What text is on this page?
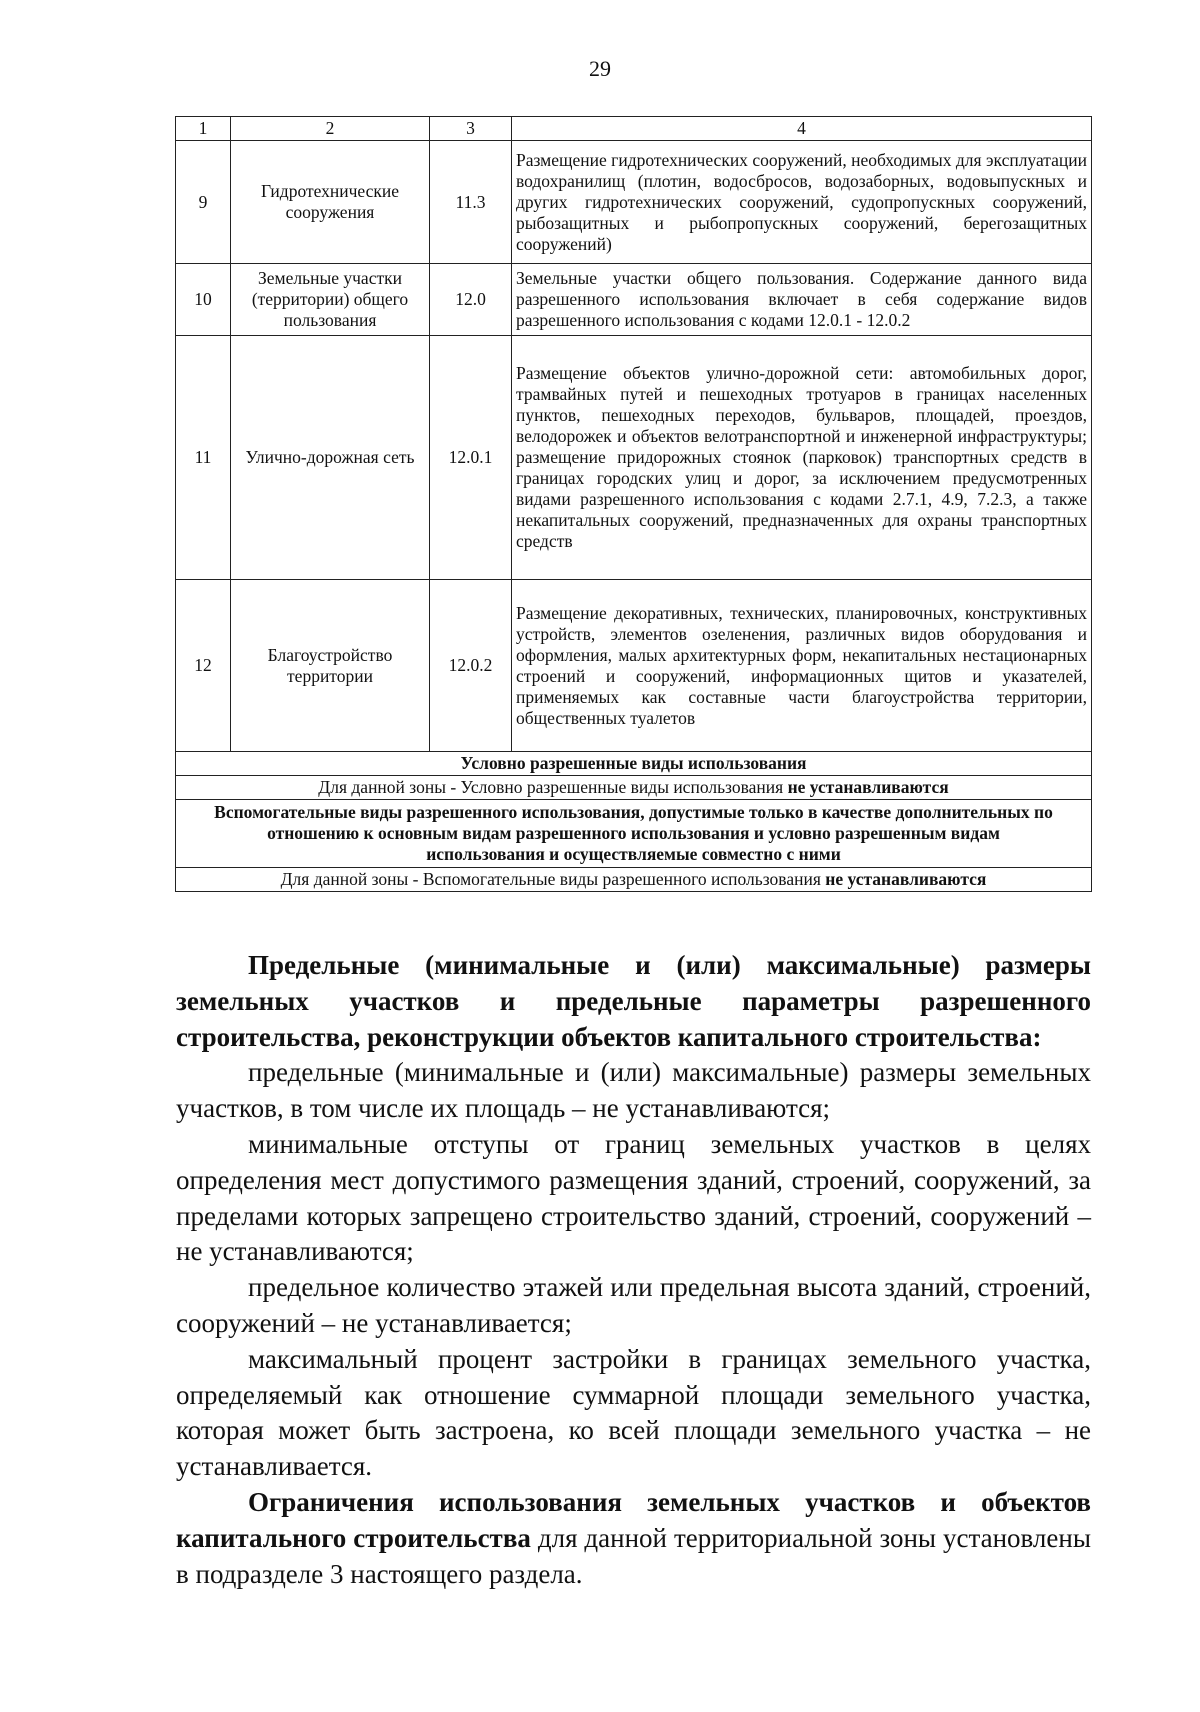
29
1	2	3	4
9	Гидротехнические сооружения	11.3	Размещение гидротехнических сооружений, необходимых для эксплуатации водохранилищ (плотин, водосбросов, водозаборных, водовыпускных и других гидротехнических сооружений, судопропускных сооружений, рыбозащитных и рыбопропускных сооружений, берегозащитных сооружений)
10	Земельные участки (территории) общего пользования	12.0	Земельные участки общего пользования. Содержание данного вида разрешенного использования включает в себя содержание видов разрешенного использования с кодами 12.0.1 - 12.0.2
11	Улично-дорожная сеть	12.0.1	Размещение объектов улично-дорожной сети: автомобильных дорог, трамвайных путей и пешеходных тротуаров в границах населенных пунктов, пешеходных переходов, бульваров, площадей, проездов, велодорожек и объектов велотранспортной и инженерной инфраструктуры; размещение придорожных стоянок (парковок) транспортных средств в границах городских улиц и дорог, за исключением предусмотренных видами разрешенного использования с кодами 2.7.1, 4.9, 7.2.3, а также некапитальных сооружений, предназначенных для охраны транспортных средств
12	Благоустройство территории	12.0.2	Размещение декоративных, технических, планировочных, конструктивных устройств, элементов озеленения, различных видов оборудования и оформления, малых архитектурных форм, некапитальных нестационарных строений и сооружений, информационных щитов и указателей, применяемых как составные части благоустройства территории, общественных туалетов
Условно разрешенные виды использования			
Для данной зоны - Условно разрешенные виды использования не устанавливаются			
Вспомогательные виды разрешенного использования, допустимые только в качестве дополнительных по отношению к основным видам разрешенного использования и условно разрешенным видам использования и осуществляемые совместно с ними			
Для данной зоны - Вспомогательные виды разрешенного использования не устанавливаются			

Предельные (минимальные и (или) максимальные) размеры земельных участков и предельные параметры разрешенного строительства, реконструкции объектов капитального строительства:

предельные (минимальные и (или) максимальные) размеры земельных участков, в том числе их площадь – не устанавливаются;

минимальные отступы от границ земельных участков в целях определения мест допустимого размещения зданий, строений, сооружений, за пределами которых запрещено строительство зданий, строений, сооружений – не устанавливаются;

предельное количество этажей или предельная высота зданий, строений, сооружений – не устанавливается;

максимальный процент застройки в границах земельного участка, определяемый как отношение суммарной площади земельного участка, которая может быть застроена, ко всей площади земельного участка – не устанавливается.

Ограничения использования земельных участков и объектов капитального строительства для данной территориальной зоны установлены в подразделе 3 настоящего раздела.
